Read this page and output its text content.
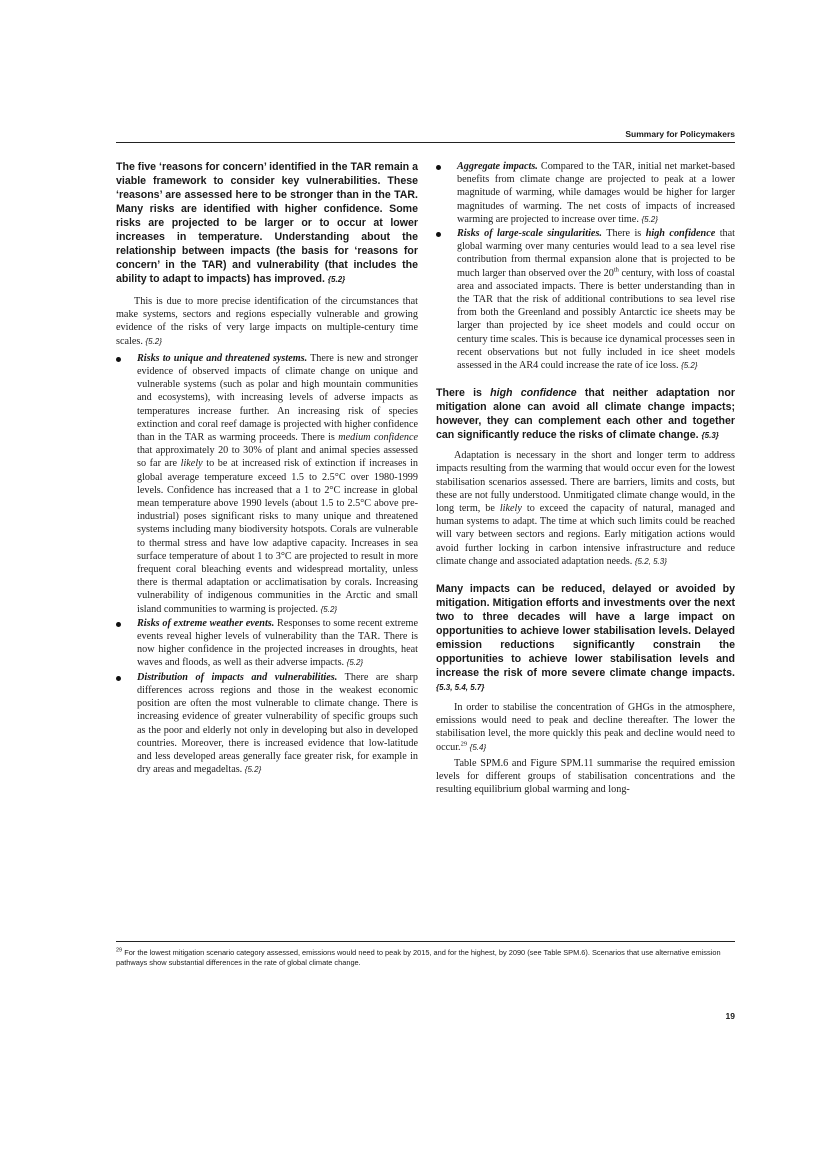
Summary for Policymakers

The five ‘reasons for concern’ identified in the TAR remain a viable framework to consider key vulnerabilities. These ‘reasons’ are assessed here to be stronger than in the TAR. Many risks are identified with higher confidence. Some risks are projected to be larger or to occur at lower increases in temperature. Understanding about the relationship between impacts (the basis for ‘reasons for concern’ in the TAR) and vulnerability (that includes the ability to adapt to impacts) has improved. {5.2}

This is due to more precise identification of the circumstances that make systems, sectors and regions especially vulnerable and growing evidence of the risks of very large impacts on multiple-century time scales. {5.2}

Risks to unique and threatened systems. There is new and stronger evidence of observed impacts of climate change on unique and vulnerable systems (such as polar and high mountain communities and ecosystems), with increasing levels of adverse impacts as temperatures increase further. An increasing risk of species extinction and coral reef damage is projected with higher confidence than in the TAR as warming proceeds. There is medium confidence that approximately 20 to 30% of plant and animal species assessed so far are likely to be at increased risk of extinction if increases in global average temperature exceed 1.5 to 2.5°C over 1980-1999 levels. Confidence has increased that a 1 to 2°C increase in global mean temperature above 1990 levels (about 1.5 to 2.5°C above pre-industrial) poses significant risks to many unique and threatened systems including many biodiversity hotspots. Corals are vulnerable to thermal stress and have low adaptive capacity. Increases in sea surface temperature of about 1 to 3°C are projected to result in more frequent coral bleaching events and widespread mortality, unless there is thermal adaptation or acclimatisation by corals. Increasing vulnerability of indigenous communities in the Arctic and small island communities to warming is projected. {5.2}
Risks of extreme weather events. Responses to some recent extreme events reveal higher levels of vulnerability than the TAR. There is now higher confidence in the projected increases in droughts, heat waves and floods, as well as their adverse impacts. {5.2}
Distribution of impacts and vulnerabilities. There are sharp differences across regions and those in the weakest economic position are often the most vulnerable to climate change. There is increasing evidence of greater vulnerability of specific groups such as the poor and elderly not only in developing but also in developed countries. Moreover, there is increased evidence that low-latitude and less developed areas generally face greater risk, for example in dry areas and megadeltas. {5.2}
Aggregate impacts. Compared to the TAR, initial net market-based benefits from climate change are projected to peak at a lower magnitude of warming, while damages would be higher for larger magnitudes of warming. The net costs of impacts of increased warming are projected to increase over time. {5.2}
Risks of large-scale singularities. There is high confidence that global warming over many centuries would lead to a sea level rise contribution from thermal expansion alone that is projected to be much larger than observed over the 20th century, with loss of coastal area and associated impacts. There is better understanding than in the TAR that the risk of additional contributions to sea level rise from both the Greenland and possibly Antarctic ice sheets may be larger than projected by ice sheet models and could occur on century time scales. This is because ice dynamical processes seen in recent observations but not fully included in ice sheet models assessed in the AR4 could increase the rate of ice loss. {5.2}

There is high confidence that neither adaptation nor mitigation alone can avoid all climate change impacts; however, they can complement each other and together can significantly reduce the risks of climate change. {5.3}

Adaptation is necessary in the short and longer term to address impacts resulting from the warming that would occur even for the lowest stabilisation scenarios assessed. There are barriers, limits and costs, but these are not fully understood. Unmitigated climate change would, in the long term, be likely to exceed the capacity of natural, managed and human systems to adapt. The time at which such limits could be reached will vary between sectors and regions. Early mitigation actions would avoid further locking in carbon intensive infrastructure and reduce climate change and associated adaptation needs. {5.2, 5.3}

Many impacts can be reduced, delayed or avoided by mitigation. Mitigation efforts and investments over the next two to three decades will have a large impact on opportunities to achieve lower stabilisation levels. Delayed emission reductions significantly constrain the opportunities to achieve lower stabilisation levels and increase the risk of more severe climate change impacts. {5.3, 5.4, 5.7}

In order to stabilise the concentration of GHGs in the atmosphere, emissions would need to peak and decline thereafter. The lower the stabilisation level, the more quickly this peak and decline would need to occur.$^{29}$ {5.4}

Table SPM.6 and Figure SPM.11 summarise the required emission levels for different groups of stabilisation concentrations and the resulting equilibrium global warming and long-

$^{29}$ For the lowest mitigation scenario category assessed, emissions would need to peak by 2015, and for the highest, by 2090 (see Table SPM.6). Scenarios that use alternative emission pathways show substantial differences in the rate of global climate change.
19
